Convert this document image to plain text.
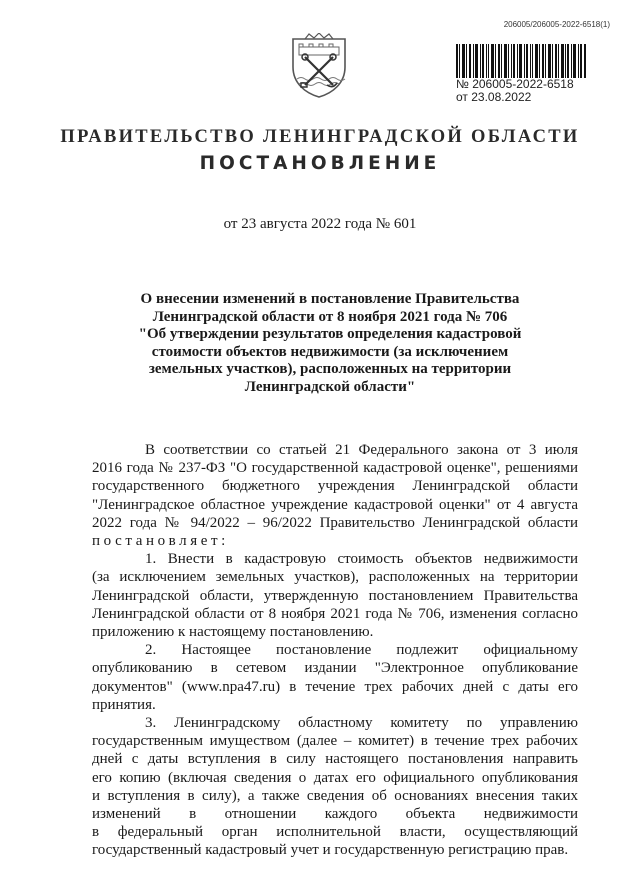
206005/206005-2022-6518(1)
№ 206005-2022-6518
от 23.08.2022
ПРАВИТЕЛЬСТВО ЛЕНИНГРАДСКОЙ ОБЛАСТИ
ПОСТАНОВЛЕНИЕ
от 23 августа 2022 года № 601
О внесении изменений в постановление Правительства
Ленинградской области от 8 ноября 2021 года № 706
"Об утверждении результатов определения кадастровой
стоимости объектов недвижимости (за исключением
земельных участков), расположенных на территории
Ленинградской области"
В соответствии со статьей 21 Федерального закона от 3 июля
2016 года № 237-ФЗ "О государственной кадастровой оценке", решениями
государственного бюджетного учреждения Ленинградской области
"Ленинградское областное учреждение кадастровой оценки" от 4 августа
2022 года № 94/2022 – 96/2022 Правительство Ленинградской области
постановляет:
1. Внести в кадастровую стоимость объектов недвижимости
(за исключением земельных участков), расположенных на территории
Ленинградской области, утвержденную постановлением Правительства
Ленинградской области от 8 ноября 2021 года № 706, изменения согласно
приложению к настоящему постановлению.
2. Настоящее постановление подлежит официальному
опубликованию в сетевом издании "Электронное опубликование
документов" (www.npa47.ru) в течение трех рабочих дней с даты его
принятия.
3. Ленинградскому областному комитету по управлению
государственным имуществом (далее – комитет) в течение трех рабочих
дней с даты вступления в силу настоящего постановления направить
его копию (включая сведения о датах его официального опубликования
и вступления в силу), а также сведения об основаниях внесения таких
изменений в отношении каждого объекта недвижимости
в федеральный орган исполнительной власти, осуществляющий
государственный кадастровый учет и государственную регистрацию прав.
